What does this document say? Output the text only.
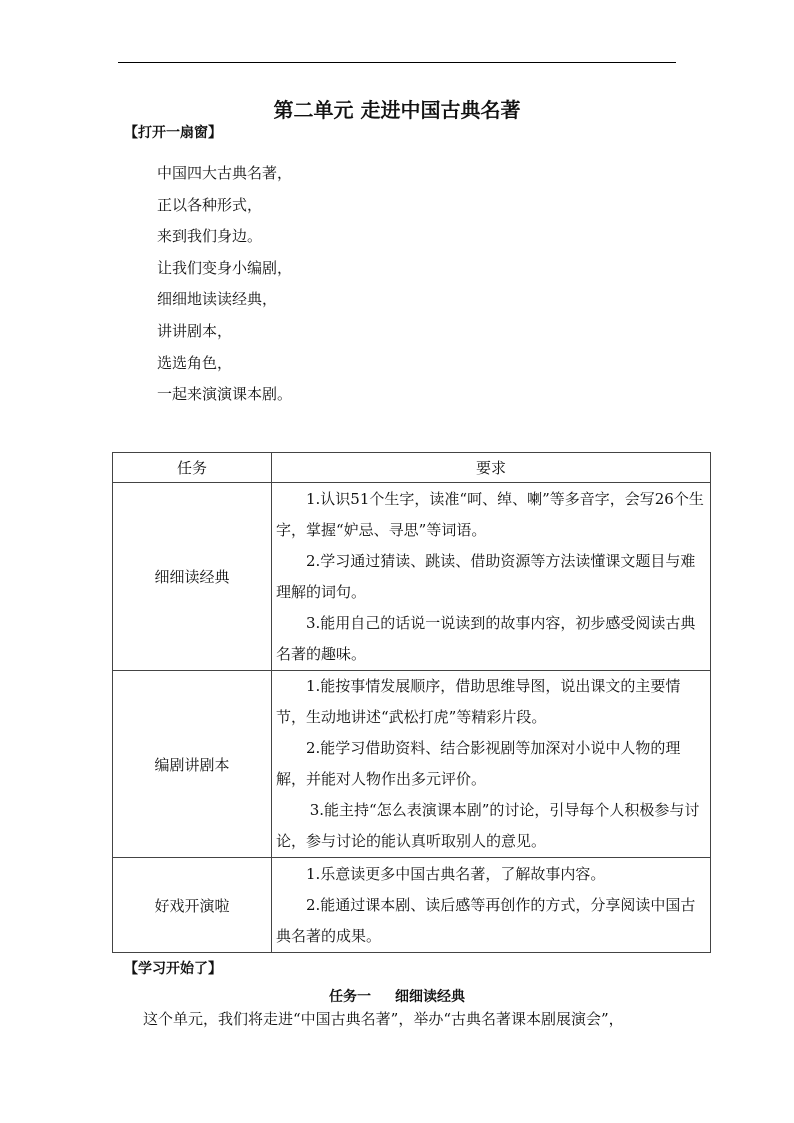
第二单元 走进中国古典名著
【打开一扇窗】
中国四大古典名著，
正以各种形式，
来到我们身边。
让我们变身小编剧，
细细地读读经典，
讲讲剧本，
选选角色，
一起来演演课本剧。
任务	要求
细细读经典	1.认识51个生字，读准“呵、绰、喇”等多音字，会写26个生字，掌握“妒忌、寻思”等词语。

2.学习通过猜读、跳读、借助资源等方法读懂课文题目与难理解的词句。

3.能用自己的话说一说读到的故事内容，初步感受阅读古典名著的趣味。

编剧讲剧本	1.能按事情发展顺序，借助思维导图，说出课文的主要情节，生动地讲述“武松打虎”等精彩片段。

2.能学习借助资料、结合影视剧等加深对小说中人物的理解，并能对人物作出多元评价。

3.能主持“怎么表演课本剧”的讨论，引导每个人积极参与讨论，参与讨论的能认真听取别人的意见。

好戏开演啦	1.乐意读更多中国古典名著，了解故事内容。

2.能通过课本剧、读后感等再创作的方式，分享阅读中国古典名著的成果。

【学习开始了】
任务一 细细读经典
这个单元，我们将走进“中国古典名著”，举办“古典名著课本剧展演会”，
